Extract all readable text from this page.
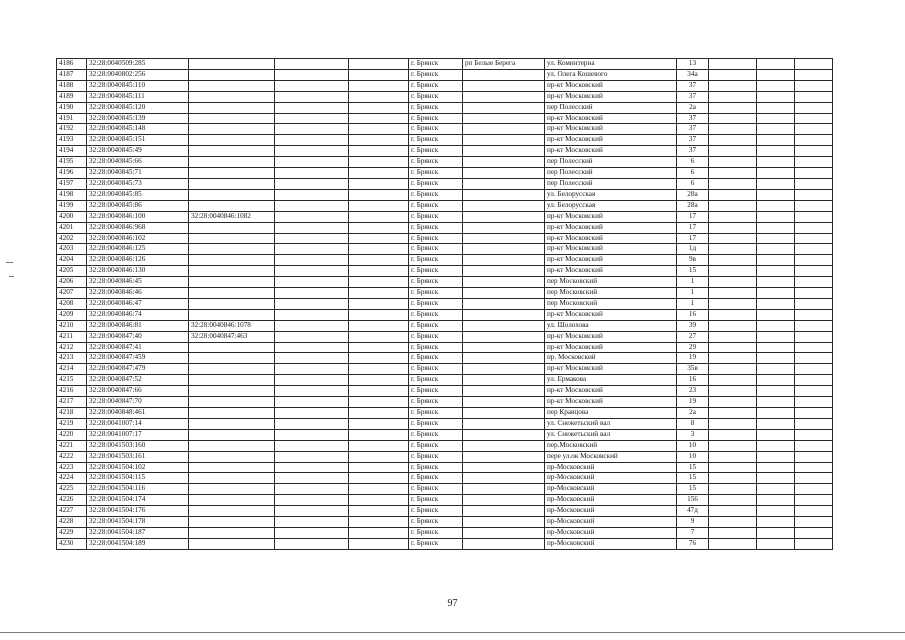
4186	32:28:0040509:285				г. Брянск	рп Белые Берега	ул. Коминтерна	13			
4187	32:28:0040802:256				г. Брянск		ул. Олега Кошевого	34а			
4188	32:28:0040845:110				г. Брянск		пр-кт Московский	37			
4189	32:28:0040845:111				г. Брянск		пр-кт Московский	37			
4190	32:28:0040845:120				г. Брянск		пер Полесский	2а			
4191	32:28:0040845:139				г. Брянск		пр-кт Московский	37			
4192	32:28:0040845:148				г. Брянск		пр-кт Московский	37			
4193	32:28:0040845:151				г. Брянск		пр-кт Московский	37			
4194	32:28:0040845:49				г. Брянск		пр-кт Московский	37			
4195	32:28:0040845:66				г. Брянск		пер Полесский	6			
4196	32:28:0040845:71				г. Брянск		пер Полесский	6			
4197	32:28:0040845:73				г. Брянск		пер Полесский	6			
4198	32:28:0040845:85				г. Брянск		ул. Белорусская	28а			
4199	32:28:0040845:86				г. Брянск		ул. Белорусская	28а			
4200	32:28:0040846:100	32:28:0040846:1082			г. Брянск		пр-кт Московский	17			
4201	32:28:0040846:968				г. Брянск		пр-кт Московский	17			
4202	32:28:0040846:102				г. Брянск		пр-кт Московский	17			
4203	32:28:0040846:125				г. Брянск		пр-кт Московский	1д			
4204	32:28:0040846:126				г. Брянск		пр-кт Московский	9в			
4205	32:28:0040846:130				г. Брянск		пр-кт Московский	15			
4206	32:28:0040846:45				г. Брянск		пер Московский	1			
4207	32:28:0040846:46				г. Брянск		пер Московский	1			
4208	32:28:0040846:47				г. Брянск		пер Московский	1			
4209	32:28:0040846:74				г. Брянск		пр-кт Московский	16			
4210	32:28:0040846:81	32:28:0040846:1078			г. Брянск		ул. Шолохова	39			
4211	32:28:0040847:40	32:28:0040847:463			г. Брянск		пр-кт Московский	27			
4212	32:28:0040847:41				г. Брянск		пр-кт Московский	29			
4213	32:28:0040847:459				г. Брянск		пр. Московский	19			
4214	32:28:0040847:479				г. Брянск		пр-кт Московский	35в			
4215	32:28:0040847:52				г. Брянск		ул. Ермакова	16			
4216	32:28:0040847:66				г. Брянск		пр-кт Московский	23			
4217	32:28:0040847:70				г. Брянск		пр-кт Московский	19			
4218	32:28:0040848:461				г. Брянск		пер Кравцова	2а			
4219	32:28:0041007:14				г. Брянск		ул. Снежетьский вал	8			
4220	32:28:0041007:17				г. Брянск		ул. Снежетьский вал	3			
4221	32:28:0041503:160				г. Брянск		пер.Московский	10			
4222	32:28:0041503:161				г. Брянск		пере ул.ок Московский	10			
4223	32:28:0041504:102				г. Брянск		пр-Московский	15			
4224	32:28:0041504:115				г. Брянск		пр-Московский	15			
4225	32:28:0041504:116				г. Брянск		пр-Московский	15			
4226	32:28:0041504:174				г. Брянск		пр-Московский	156			
4227	32:28:0041504:176				г. Брянск		пр-Московский	47д			
4228	32:28:0041504:178				г. Брянск		пр-Московский	9			
4229	32:28:0041504:187				г. Брянск		пр-Московский	7			
4230	32:28:0041504:189				г. Брянск		пр-Московский	76			
97
